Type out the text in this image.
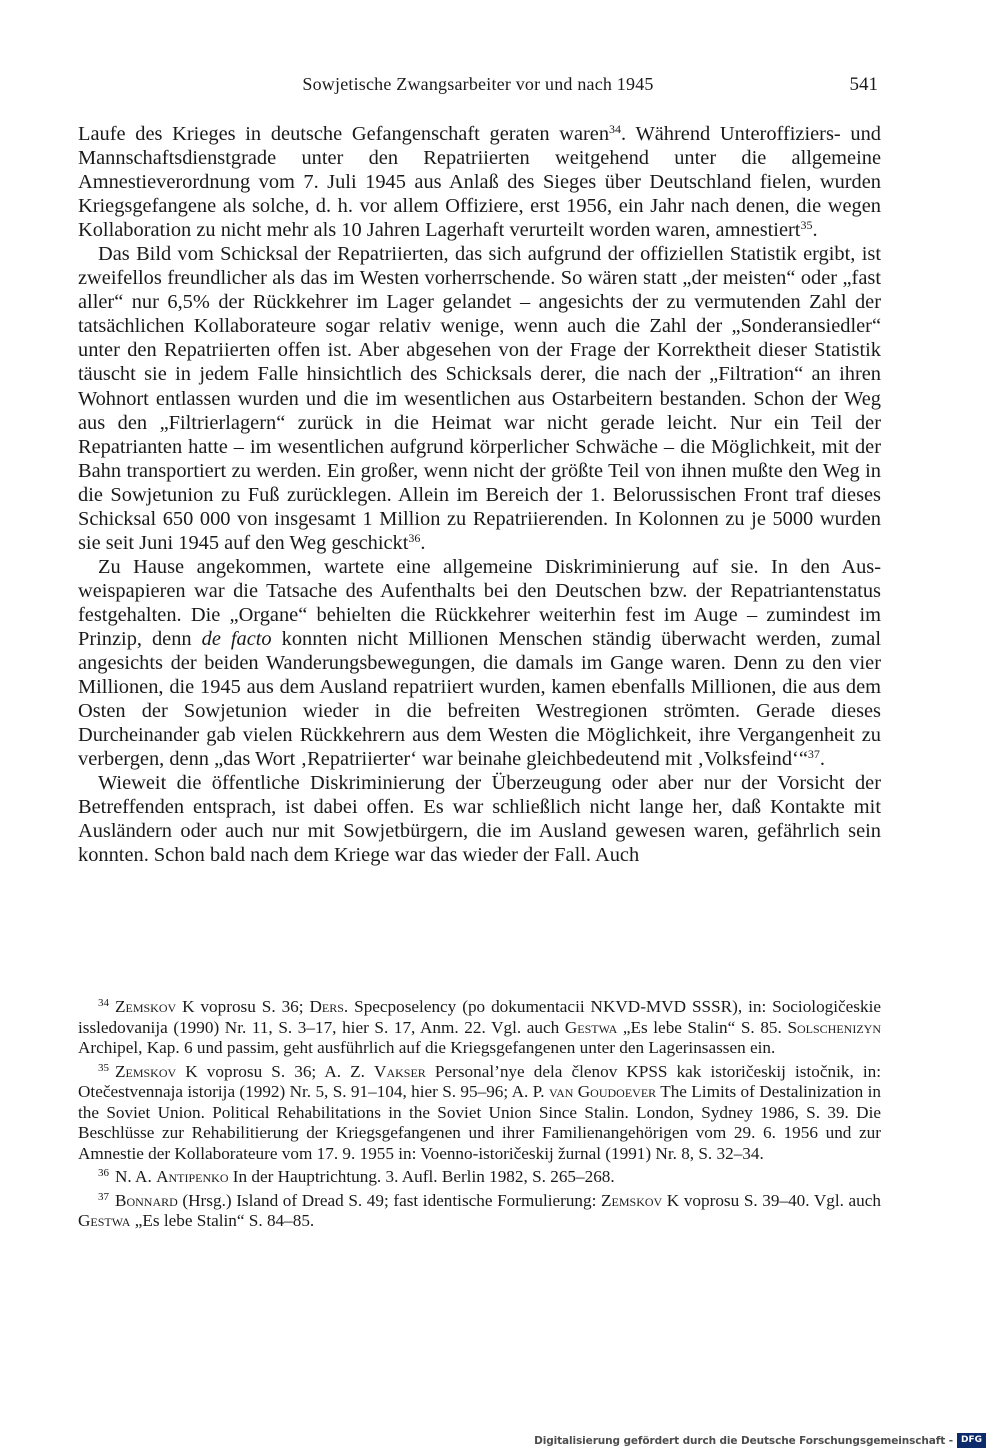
Sowjetische Zwangsarbeiter vor und nach 1945	541

Laufe des Krieges in deutsche Gefangenschaft geraten waren$^{34}$. Während Unteroffiziers- und Mannschaftsdienstgrade unter den Repatriierten weitgehend unter die allgemeine Amnestieverordnung vom 7. Juli 1945 aus Anlaß des Sieges über Deutschland fielen, wurden Kriegsgefangene als solche, d. h. vor allem Offiziere, erst 1956, ein Jahr nach denen, die wegen Kollaboration zu nicht mehr als 10 Jahren Lagerhaft verurteilt worden waren, amnestiert$^{35}$.

Das Bild vom Schicksal der Repatriierten, das sich aufgrund der offiziellen Statistik ergibt, ist zweifellos freundlicher als das im Westen vorherrschende. So wären statt „der meisten“ oder „fast aller“ nur 6,5% der Rückkehrer im Lager gelandet – angesichts der zu vermutenden Zahl der tatsächlichen Kollaborateure sogar relativ wenige, wenn auch die Zahl der „Sonderansiedler“ unter den Repatriierten offen ist. Aber abgesehen von der Frage der Korrektheit dieser Statistik täuscht sie in jedem Falle hinsichtlich des Schicksals derer, die nach der „Filtration“ an ihren Wohnort entlassen wurden und die im wesentlichen aus Ostarbeitern bestanden. Schon der Weg aus den „Filtrierlagern“ zurück in die Heimat war nicht gerade leicht. Nur ein Teil der Repatrianten hatte – im wesentlichen aufgrund körperlicher Schwäche – die Möglichkeit, mit der Bahn transportiert zu werden. Ein großer, wenn nicht der größte Teil von ihnen mußte den Weg in die Sowjetunion zu Fuß zurücklegen. Allein im Bereich der 1. Belorussischen Front traf dieses Schicksal 650 000 von insgesamt 1 Million zu Repatriierenden. In Kolonnen zu je 5000 wurden sie seit Juni 1945 auf den Weg geschickt$^{36}$.

Zu Hause angekommen, wartete eine allgemeine Diskriminierung auf sie. In den Ausweispapieren war die Tatsache des Aufenthalts bei den Deutschen bzw. der Repatriantenstatus festgehalten. Die „Organe“ behielten die Rückkehrer weiterhin fest im Auge – zumindest im Prinzip, denn de facto konnten nicht Millionen Menschen ständig überwacht werden, zumal angesichts der beiden Wanderungsbewegungen, die damals im Gange waren. Denn zu den vier Millionen, die 1945 aus dem Ausland repatriiert wurden, kamen ebenfalls Millionen, die aus dem Osten der Sowjetunion wieder in die befreiten Westregionen strömten. Gerade dieses Durcheinander gab vielen Rückkehrern aus dem Westen die Möglichkeit, ihre Vergangenheit zu verbergen, denn „das Wort ‚Repatriierter‘ war beinahe gleichbedeutend mit ‚Volksfeind‘“$^{37}$.

Wieweit die öffentliche Diskriminierung der Überzeugung oder aber nur der Vorsicht der Betreffenden entsprach, ist dabei offen. Es war schließlich nicht lange her, daß Kontakte mit Ausländern oder auch nur mit Sowjetbürgern, die im Ausland gewesen waren, gefährlich sein konnten. Schon bald nach dem Kriege war das wieder der Fall. Auch

$^{34}$ Zemskov K voprosu S. 36; Ders. Specposelency (po dokumentacii NKVD-MVD SSSR), in: Sociologičeskie issledovanija (1990) Nr. 11, S. 3–17, hier S. 17, Anm. 22. Vgl. auch Gestwa „Es lebe Stalin“ S. 85. Solschenizyn Archipel, Kap. 6 und passim, geht ausführlich auf die Kriegsgefangenen unter den Lagerinsassen ein.

$^{35}$ Zemskov K voprosu S. 36; A. Z. Vakser Personal’nye dela členov KPSS kak istoričeskij istočnik, in: Otečestvennaja istorija (1992) Nr. 5, S. 91–104, hier S. 95–96; A. P. van Goudoever The Limits of Destalinization in the Soviet Union. Political Rehabilitations in the Soviet Union Since Stalin. London, Sydney 1986, S. 39. Die Beschlüsse zur Rehabilitierung der Kriegsgefangenen und ihrer Familienangehörigen vom 29. 6. 1956 und zur Amnestie der Kollaborateure vom 17. 9. 1955 in: Voenno-istoričeskij žurnal (1991) Nr. 8, S. 32–34.

$^{36}$ N. A. Antipenko In der Hauptrichtung. 3. Aufl. Berlin 1982, S. 265–268.

$^{37}$ Bonnard (Hrsg.) Island of Dread S. 49; fast identische Formulierung: Zemskov K voprosu S. 39–40. Vgl. auch Gestwa „Es lebe Stalin“ S. 84–85.

Digitalisierung gefördert durch die Deutsche Forschungsgemeinschaft - DFG
